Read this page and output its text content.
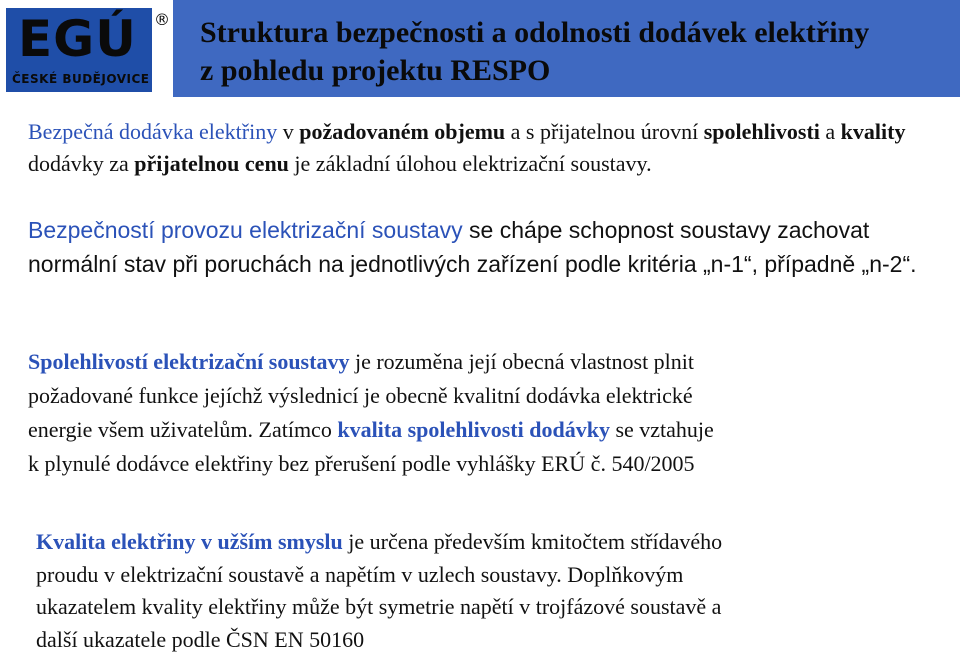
EGÚ
ČESKÉ BUDĚJOVICE
® Struktura bezpečnosti a odolnosti dodávek elektřiny
z pohledu projektu RESPO
Bezpečná dodávka elektřiny v požadovaném objemu a s přijatelnou úrovní spolehlivosti a kvality dodávky za přijatelnou cenu je základní úlohou elektrizační soustavy.
Bezpečností provozu elektrizační soustavy se chápe schopnost soustavy zachovat normální stav při poruchách na jednotlivých zařízení podle kritéria „n-1“, případně „n-2“.
Spolehlivostí elektrizační soustavy je rozuměna její obecná vlastnost plnit
požadované funkce jejíchž výslednicí je obecně kvalitní dodávka elektrické
energie všem uživatelům. Zatímco kvalita spolehlivosti dodávky se vztahuje
k plynulé dodávce elektřiny bez přerušení podle vyhlášky ERÚ č. 540/2005
Kvalita elektřiny v užším smyslu je určena především kmitočtem střídavého
proudu v elektrizační soustavě a napětím v uzlech soustavy. Doplňkovým
ukazatelem kvality elektřiny může být symetrie napětí v trojfázové soustavě a
další ukazatele podle ČSN EN 50160
